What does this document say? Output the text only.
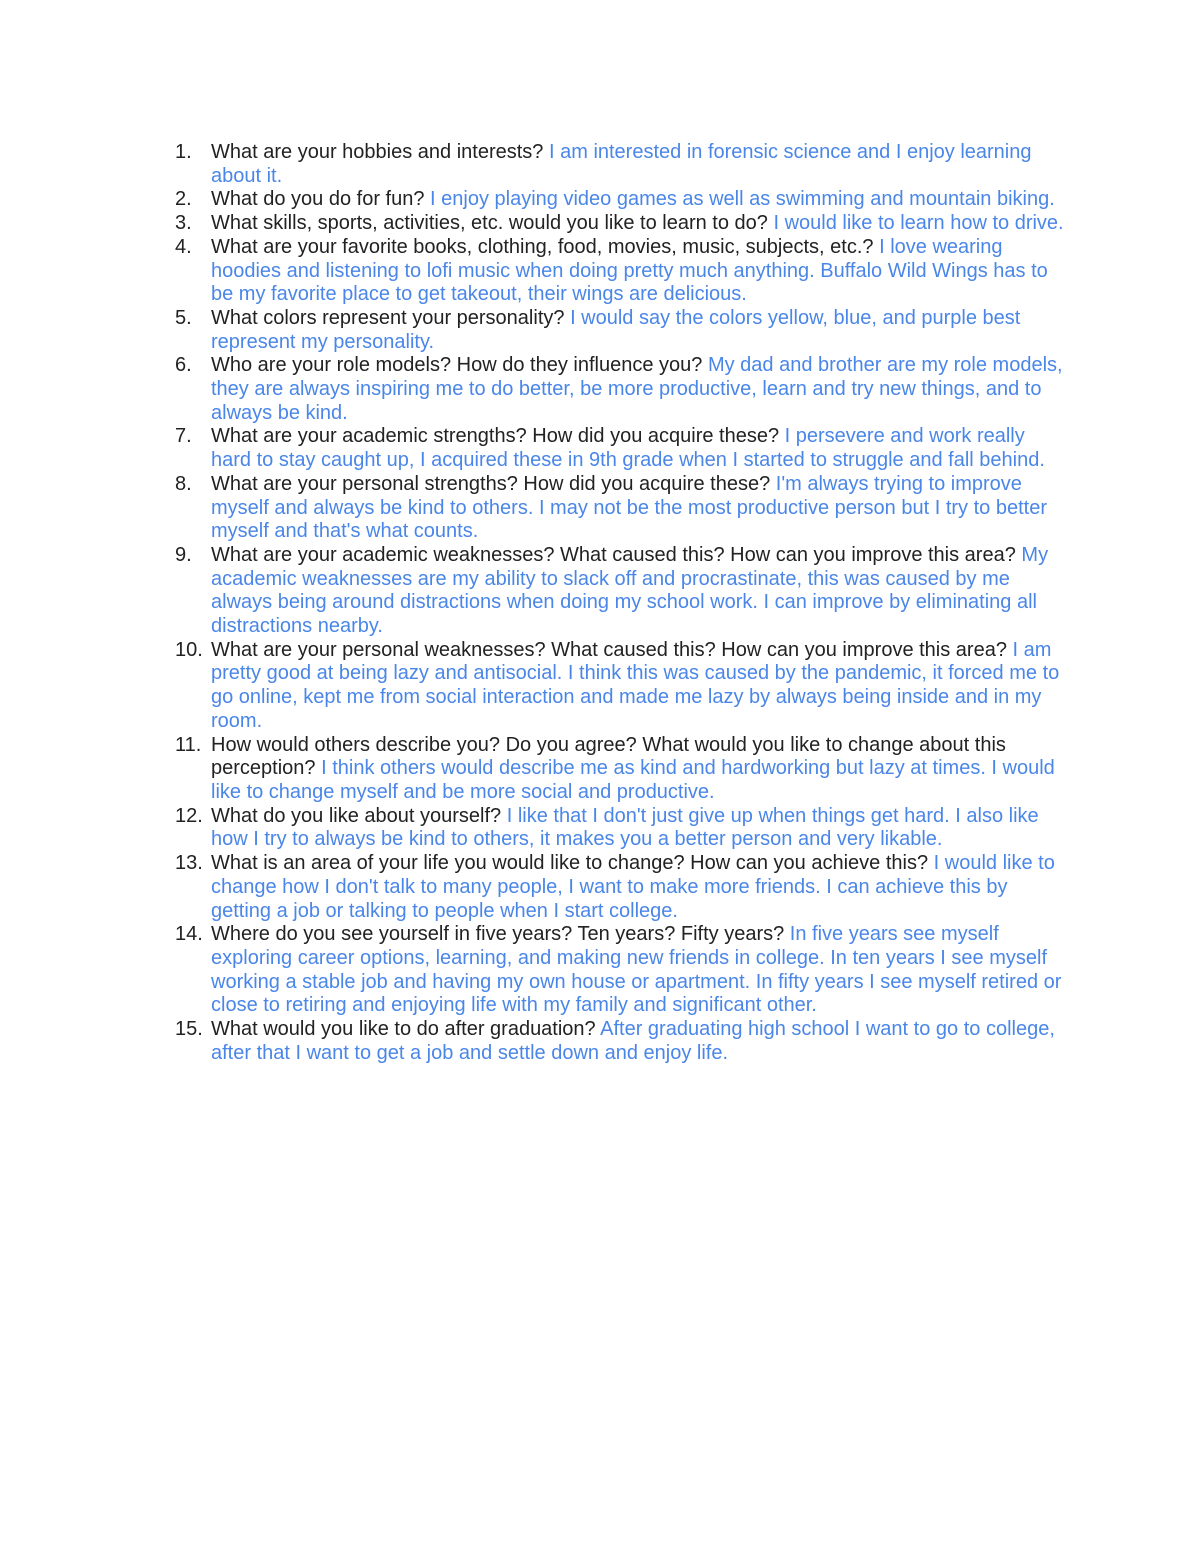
1. What are your hobbies and interests? I am interested in forensic science and I enjoy learning about it.
2. What do you do for fun? I enjoy playing video games as well as swimming and mountain biking.
3. What skills, sports, activities, etc. would you like to learn to do? I would like to learn how to drive.
4. What are your favorite books, clothing, food, movies, music, subjects, etc.? I love wearing hoodies and listening to lofi music when doing pretty much anything. Buffalo Wild Wings has to be my favorite place to get takeout, their wings are delicious.
5. What colors represent your personality? I would say the colors yellow, blue, and purple best represent my personality.
6. Who are your role models? How do they influence you? My dad and brother are my role models, they are always inspiring me to do better, be more productive, learn and try new things, and to always be kind.
7. What are your academic strengths? How did you acquire these? I persevere and work really hard to stay caught up, I acquired these in 9th grade when I started to struggle and fall behind.
8. What are your personal strengths? How did you acquire these? I'm always trying to improve myself and always be kind to others. I may not be the most productive person but I try to better myself and that's what counts.
9. What are your academic weaknesses? What caused this? How can you improve this area? My academic weaknesses are my ability to slack off and procrastinate, this was caused by me always being around distractions when doing my school work. I can improve by eliminating all distractions nearby.
10. What are your personal weaknesses? What caused this? How can you improve this area? I am pretty good at being lazy and antisocial. I think this was caused by the pandemic, it forced me to go online, kept me from social interaction and made me lazy by always being inside and in my room.
11. How would others describe you? Do you agree? What would you like to change about this perception? I think others would describe me as kind and hardworking but lazy at times. I would like to change myself and be more social and productive.
12. What do you like about yourself? I like that I don't just give up when things get hard. I also like how I try to always be kind to others, it makes you a better person and very likable.
13. What is an area of your life you would like to change? How can you achieve this? I would like to change how I don't talk to many people, I want to make more friends. I can achieve this by getting a job or talking to people when I start college.
14. Where do you see yourself in five years? Ten years? Fifty years? In five years see myself exploring career options, learning, and making new friends in college. In ten years I see myself working a stable job and having my own house or apartment. In fifty years I see myself retired or close to retiring and enjoying life with my family and significant other.
15. What would you like to do after graduation? After graduating high school I want to go to college, after that I want to get a job and settle down and enjoy life.
